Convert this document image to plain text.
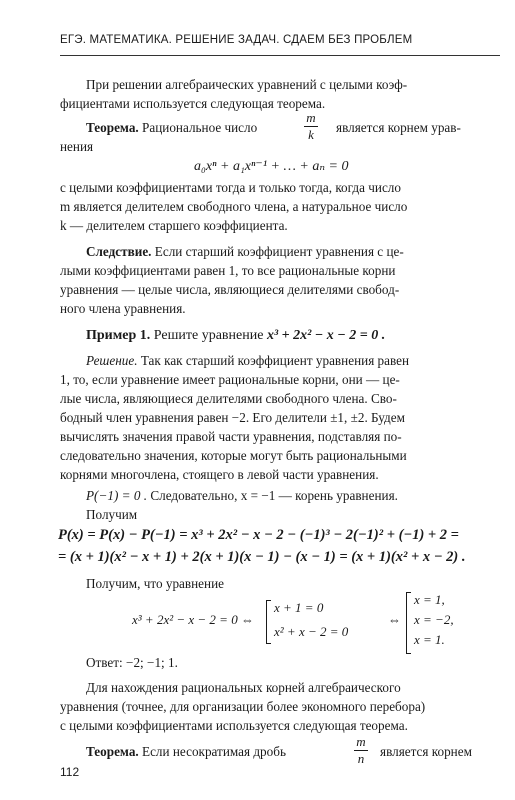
ЕГЭ. МАТЕМАТИКА. РЕШЕНИЕ ЗАДАЧ. СДАЕМ БЕЗ ПРОБЛЕМ
При решении алгебраических уравнений с целыми коэф-
фициентами используется следующая теорема.
Теорема. Рациональное число
m
k	является корнем урав-
нения
a₀xⁿ + a₁xⁿ⁻¹ + … + aₙ = 0
с целыми коэффициентами тогда и только тогда, когда число
m является делителем свободного члена, а натуральное число
k — делителем старшего коэффициента.
Следствие. Если старший коэффициент уравнения с це-
лыми коэффициентами равен 1, то все рациональные корни
уравнения — целые числа, являющиеся делителями свобод-
ного члена уравнения.
Пример 1. Решите уравнение x³ + 2x² − x − 2 = 0 .
Решение. Так как старший коэффициент уравнения равен
1, то, если уравнение имеет рациональные корни, они — це-
лые числа, являющиеся делителями свободного члена. Сво-
бодный член уравнения равен −2. Его делители ±1, ±2. Будем
вычислять значения правой части уравнения, подставляя по-
следовательно значения, которые могут быть рациональными
корнями многочлена, стоящего в левой части уравнения.
P(−1) = 0 . Следовательно, x = −1 — корень уравнения.
Получим
P(x) = P(x) − P(−1) = x³ + 2x² − x − 2 − (−1)³ − 2(−1)² + (−1) + 2 =
= (x + 1)(x² − x + 1) + 2(x + 1)(x − 1) − (x − 1) = (x + 1)(x² + x − 2) .
Получим, что уравнение
x³ + 2x² − x − 2 = 0 ⇔
x + 1 = 0
x² + x − 2 = 0
⇔
x = 1,
x = −2,
x = 1.
Ответ: −2; −1; 1.
Для нахождения рациональных корней алгебраического
уравнения (точнее, для организации более экономного перебора)
с целыми коэффициентами используется следующая теорема.
Теорема. Если несократимая дробь
m
n является корнем
112
